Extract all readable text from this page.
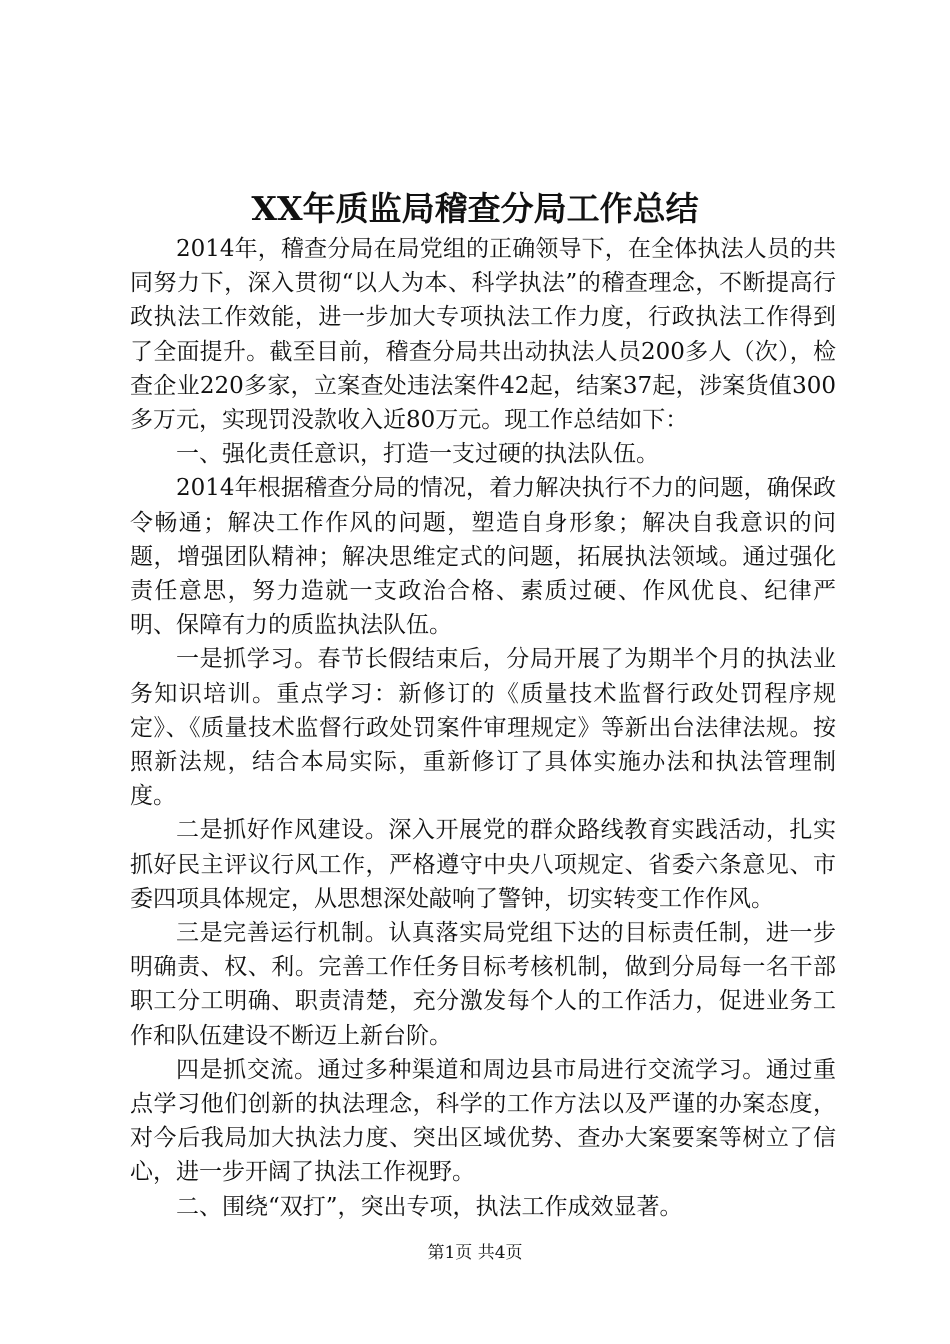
XX年质监局稽查分局工作总结

2014年，稽查分局在局党组的正确领导下，在全体执法人员的共同努力下，深入贯彻“以人为本、科学执法”的稽查理念，不断提高行政执法工作效能，进一步加大专项执法工作力度，行政执法工作得到了全面提升。截至目前，稽查分局共出动执法人员200多人（次），检查企业220多家，立案查处违法案件42起，结案37起，涉案货值300多万元，实现罚没款收入近80万元。现工作总结如下：

一、强化责任意识，打造一支过硬的执法队伍。

2014年根据稽查分局的情况，着力解决执行不力的问题，确保政令畅通；解决工作作风的问题，塑造自身形象；解决自我意识的问题，增强团队精神；解决思维定式的问题，拓展执法领域。通过强化责任意思，努力造就一支政治合格、素质过硬、作风优良、纪律严明、保障有力的质监执法队伍。

一是抓学习。春节长假结束后，分局开展了为期半个月的执法业务知识培训。重点学习：新修订的《质量技术监督行政处罚程序规定》、《质量技术监督行政处罚案件审理规定》等新出台法律法规。按照新法规，结合本局实际，重新修订了具体实施办法和执法管理制度。

二是抓好作风建设。深入开展党的群众路线教育实践活动，扎实抓好民主评议行风工作，严格遵守中央八项规定、省委六条意见、市委四项具体规定，从思想深处敲响了警钟，切实转变工作作风。

三是完善运行机制。认真落实局党组下达的目标责任制，进一步明确责、权、利。完善工作任务目标考核机制，做到分局每一名干部职工分工明确、职责清楚，充分激发每个人的工作活力，促进业务工作和队伍建设不断迈上新台阶。

四是抓交流。通过多种渠道和周边县市局进行交流学习。通过重点学习他们创新的执法理念，科学的工作方法以及严谨的办案态度，对今后我局加大执法力度、突出区域优势、查办大案要案等树立了信心，进一步开阔了执法工作视野。

二、围绕“双打”，突出专项，执法工作成效显著。

第1页 共4页
